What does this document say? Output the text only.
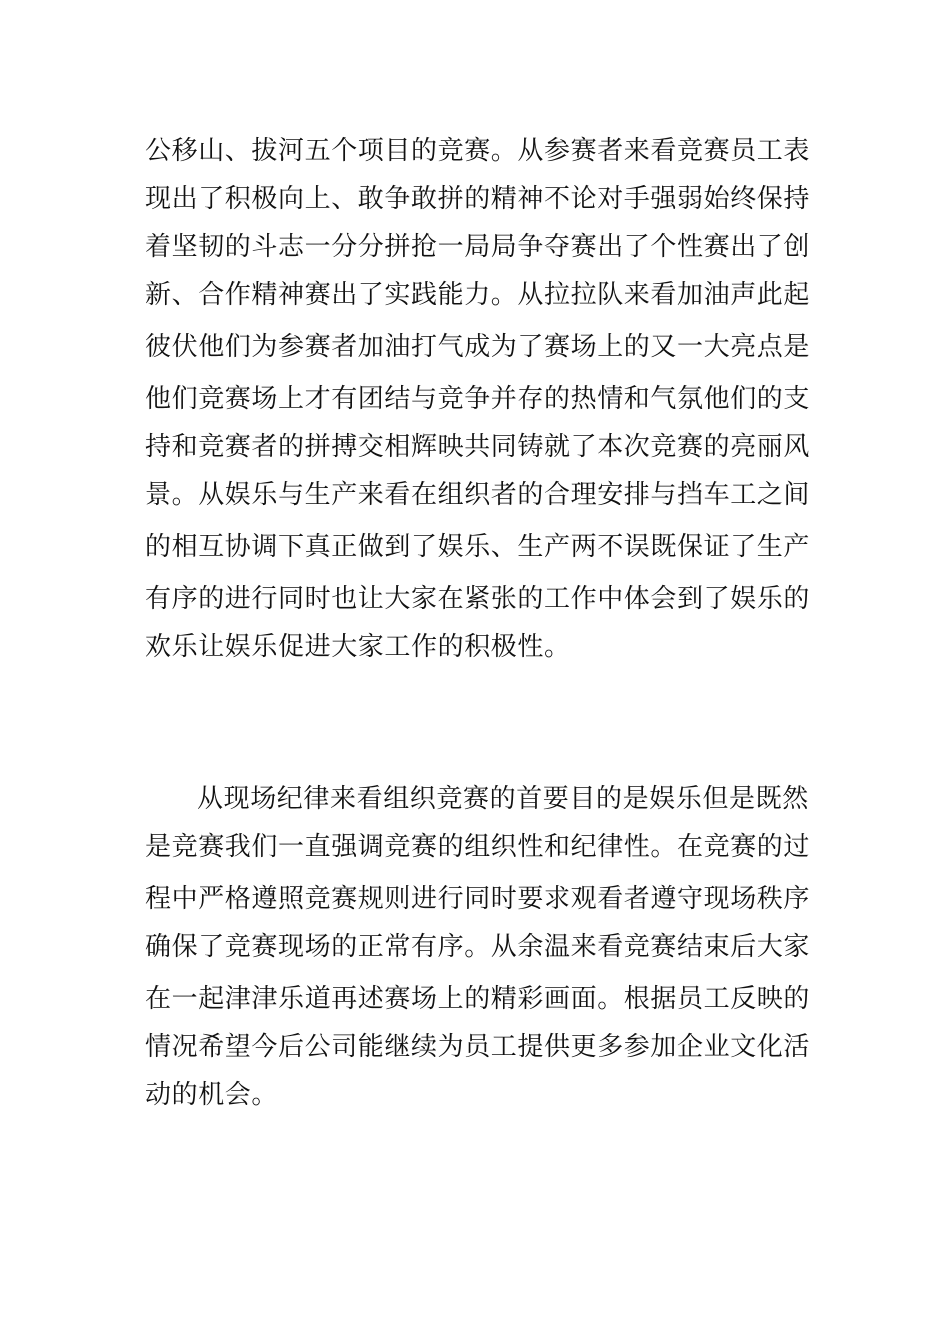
公移山、拔河五个项目的竞赛。从参赛者来看竞赛员工表
现出了积极向上、敢争敢拼的精神不论对手强弱始终保持
着坚韧的斗志一分分拼抢一局局争夺赛出了个性赛出了创
新、合作精神赛出了实践能力。从拉拉队来看加油声此起
彼伏他们为参赛者加油打气成为了赛场上的又一大亮点是
他们竞赛场上才有团结与竞争并存的热情和气氛他们的支
持和竞赛者的拼搏交相辉映共同铸就了本次竞赛的亮丽风
景。从娱乐与生产来看在组织者的合理安排与挡车工之间
的相互协调下真正做到了娱乐、生产两不误既保证了生产
有序的进行同时也让大家在紧张的工作中体会到了娱乐的
欢乐让娱乐促进大家工作的积极性。
从现场纪律来看组织竞赛的首要目的是娱乐但是既然
是竞赛我们一直强调竞赛的组织性和纪律性。在竞赛的过
程中严格遵照竞赛规则进行同时要求观看者遵守现场秩序
确保了竞赛现场的正常有序。从余温来看竞赛结束后大家
在一起津津乐道再述赛场上的精彩画面。根据员工反映的
情况希望今后公司能继续为员工提供更多参加企业文化活
动的机会。
